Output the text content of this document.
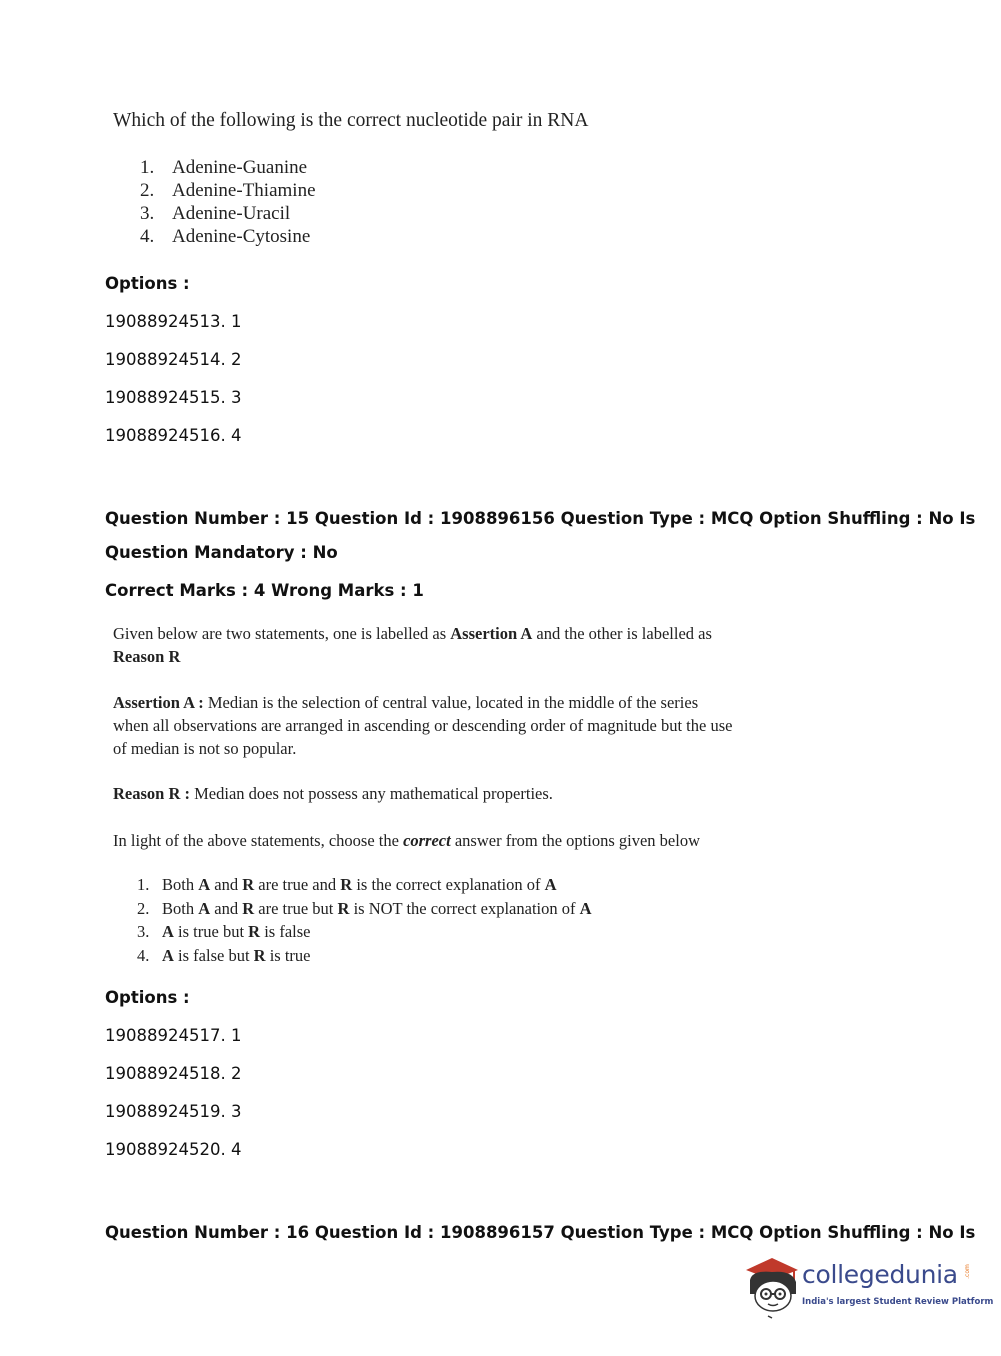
Which of the following is the correct nucleotide pair in RNA
1. Adenine-Guanine
2. Adenine-Thiamine
3. Adenine-Uracil
4. Adenine-Cytosine
Options :
19088924513. 1
19088924514. 2
19088924515. 3
19088924516. 4
Question Number : 15 Question Id : 1908896156 Question Type : MCQ Option Shuffling : No Is
Question Mandatory : No
Correct Marks : 4 Wrong Marks : 1
Given below are two statements, one is labelled as Assertion A and the other is labelled as
Reason R
Assertion A : Median is the selection of central value, located in the middle of the series
when all observations are arranged in ascending or descending order of magnitude but the use
of median is not so popular.
Reason R : Median does not possess any mathematical properties.
In light of the above statements, choose the correct answer from the options given below
1. Both A and R are true and R is the correct explanation of A
2. Both A and R are true but R is NOT the correct explanation of A
3. A is true but R is false
4. A is false but R is true
Options :
19088924517. 1
19088924518. 2
19088924519. 3
19088924520. 4
Question Number : 16 Question Id : 1908896157 Question Type : MCQ Option Shuffling : No Is
collegedunia .com
India's largest Student Review Platform
